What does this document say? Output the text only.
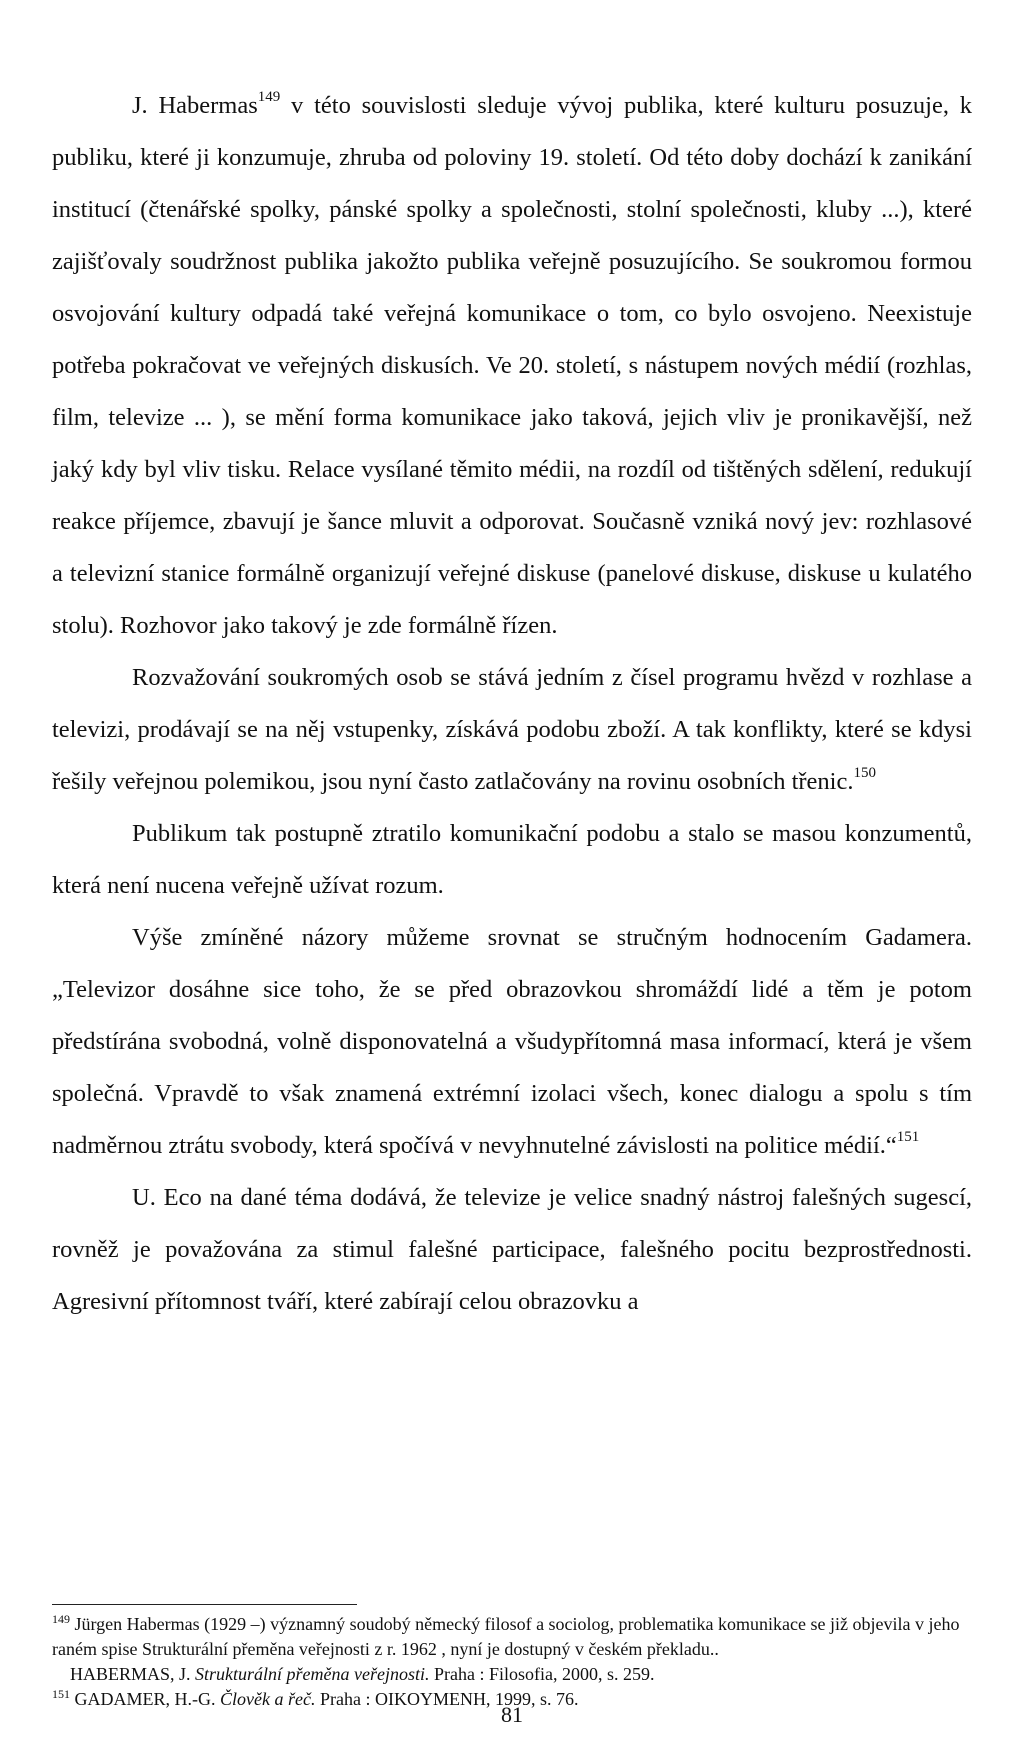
J. Habermas$^{149}$ v této souvislosti sleduje vývoj publika, které kulturu posuzuje, k publiku, které ji konzumuje, zhruba od poloviny 19. století. Od této doby dochází k zanikání institucí (čtenářské spolky, pánské spolky a společnosti, stolní společnosti, kluby ...), které zajišťovaly soudržnost publika jakožto publika veřejně posuzujícího. Se soukromou formou osvojování kultury odpadá také veřejná komunikace o tom, co bylo osvojeno. Neexistuje potřeba pokračovat ve veřejných diskusích. Ve 20. století, s nástupem nových médií (rozhlas, film, televize ... ), se mění forma komunikace jako taková, jejich vliv je pronikavější, než jaký kdy byl vliv tisku. Relace vysílané těmito médii, na rozdíl od tištěných sdělení, redukují reakce příjemce, zbavují je šance mluvit a odporovat. Současně vzniká nový jev: rozhlasové a televizní stanice formálně organizují veřejné diskuse (panelové diskuse, diskuse u kulatého stolu). Rozhovor jako takový je zde formálně řízen.

Rozvažování soukromých osob se stává jedním z čísel programu hvězd v rozhlase a televizi, prodávají se na něj vstupenky, získává podobu zboží. A tak konflikty, které se kdysi řešily veřejnou polemikou, jsou nyní často zatlačovány na rovinu osobních třenic.$^{150}$

Publikum tak postupně ztratilo komunikační podobu a stalo se masou konzumentů, která není nucena veřejně užívat rozum.

Výše zmíněné názory můžeme srovnat se stručným hodnocením Gadamera. „Televizor dosáhne sice toho, že se před obrazovkou shromáždí lidé a těm je potom předstírána svobodná, volně disponovatelná a všudypřítomná masa informací, která je všem společná. Vpravdě to však znamená extrémní izolaci všech, konec dialogu a spolu s tím nadměrnou ztrátu svobody, která spočívá v nevyhnutelné závislosti na politice médií.“$^{151}$

U. Eco na dané téma dodává, že televize je velice snadný nástroj falešných sugescí, rovněž je považována za stimul falešné participace, falešného pocitu bezprostřednosti. Agresivní přítomnost tváří, které zabírají celou obrazovku a

$^{149}$ Jürgen Habermas (1929 –) významný soudobý německý filosof a sociolog, problematika komunikace se již objevila v jeho raném spise Strukturální přeměna veřejnosti z r. 1962 , nyní je dostupný v českém překladu..

HABERMAS, J. Strukturální přeměna veřejnosti. Praha : Filosofia, 2000, s. 259.

$^{151}$ GADAMER, H.-G. Člověk a řeč. Praha : OIKOYMENH, 1999, s. 76.

81
